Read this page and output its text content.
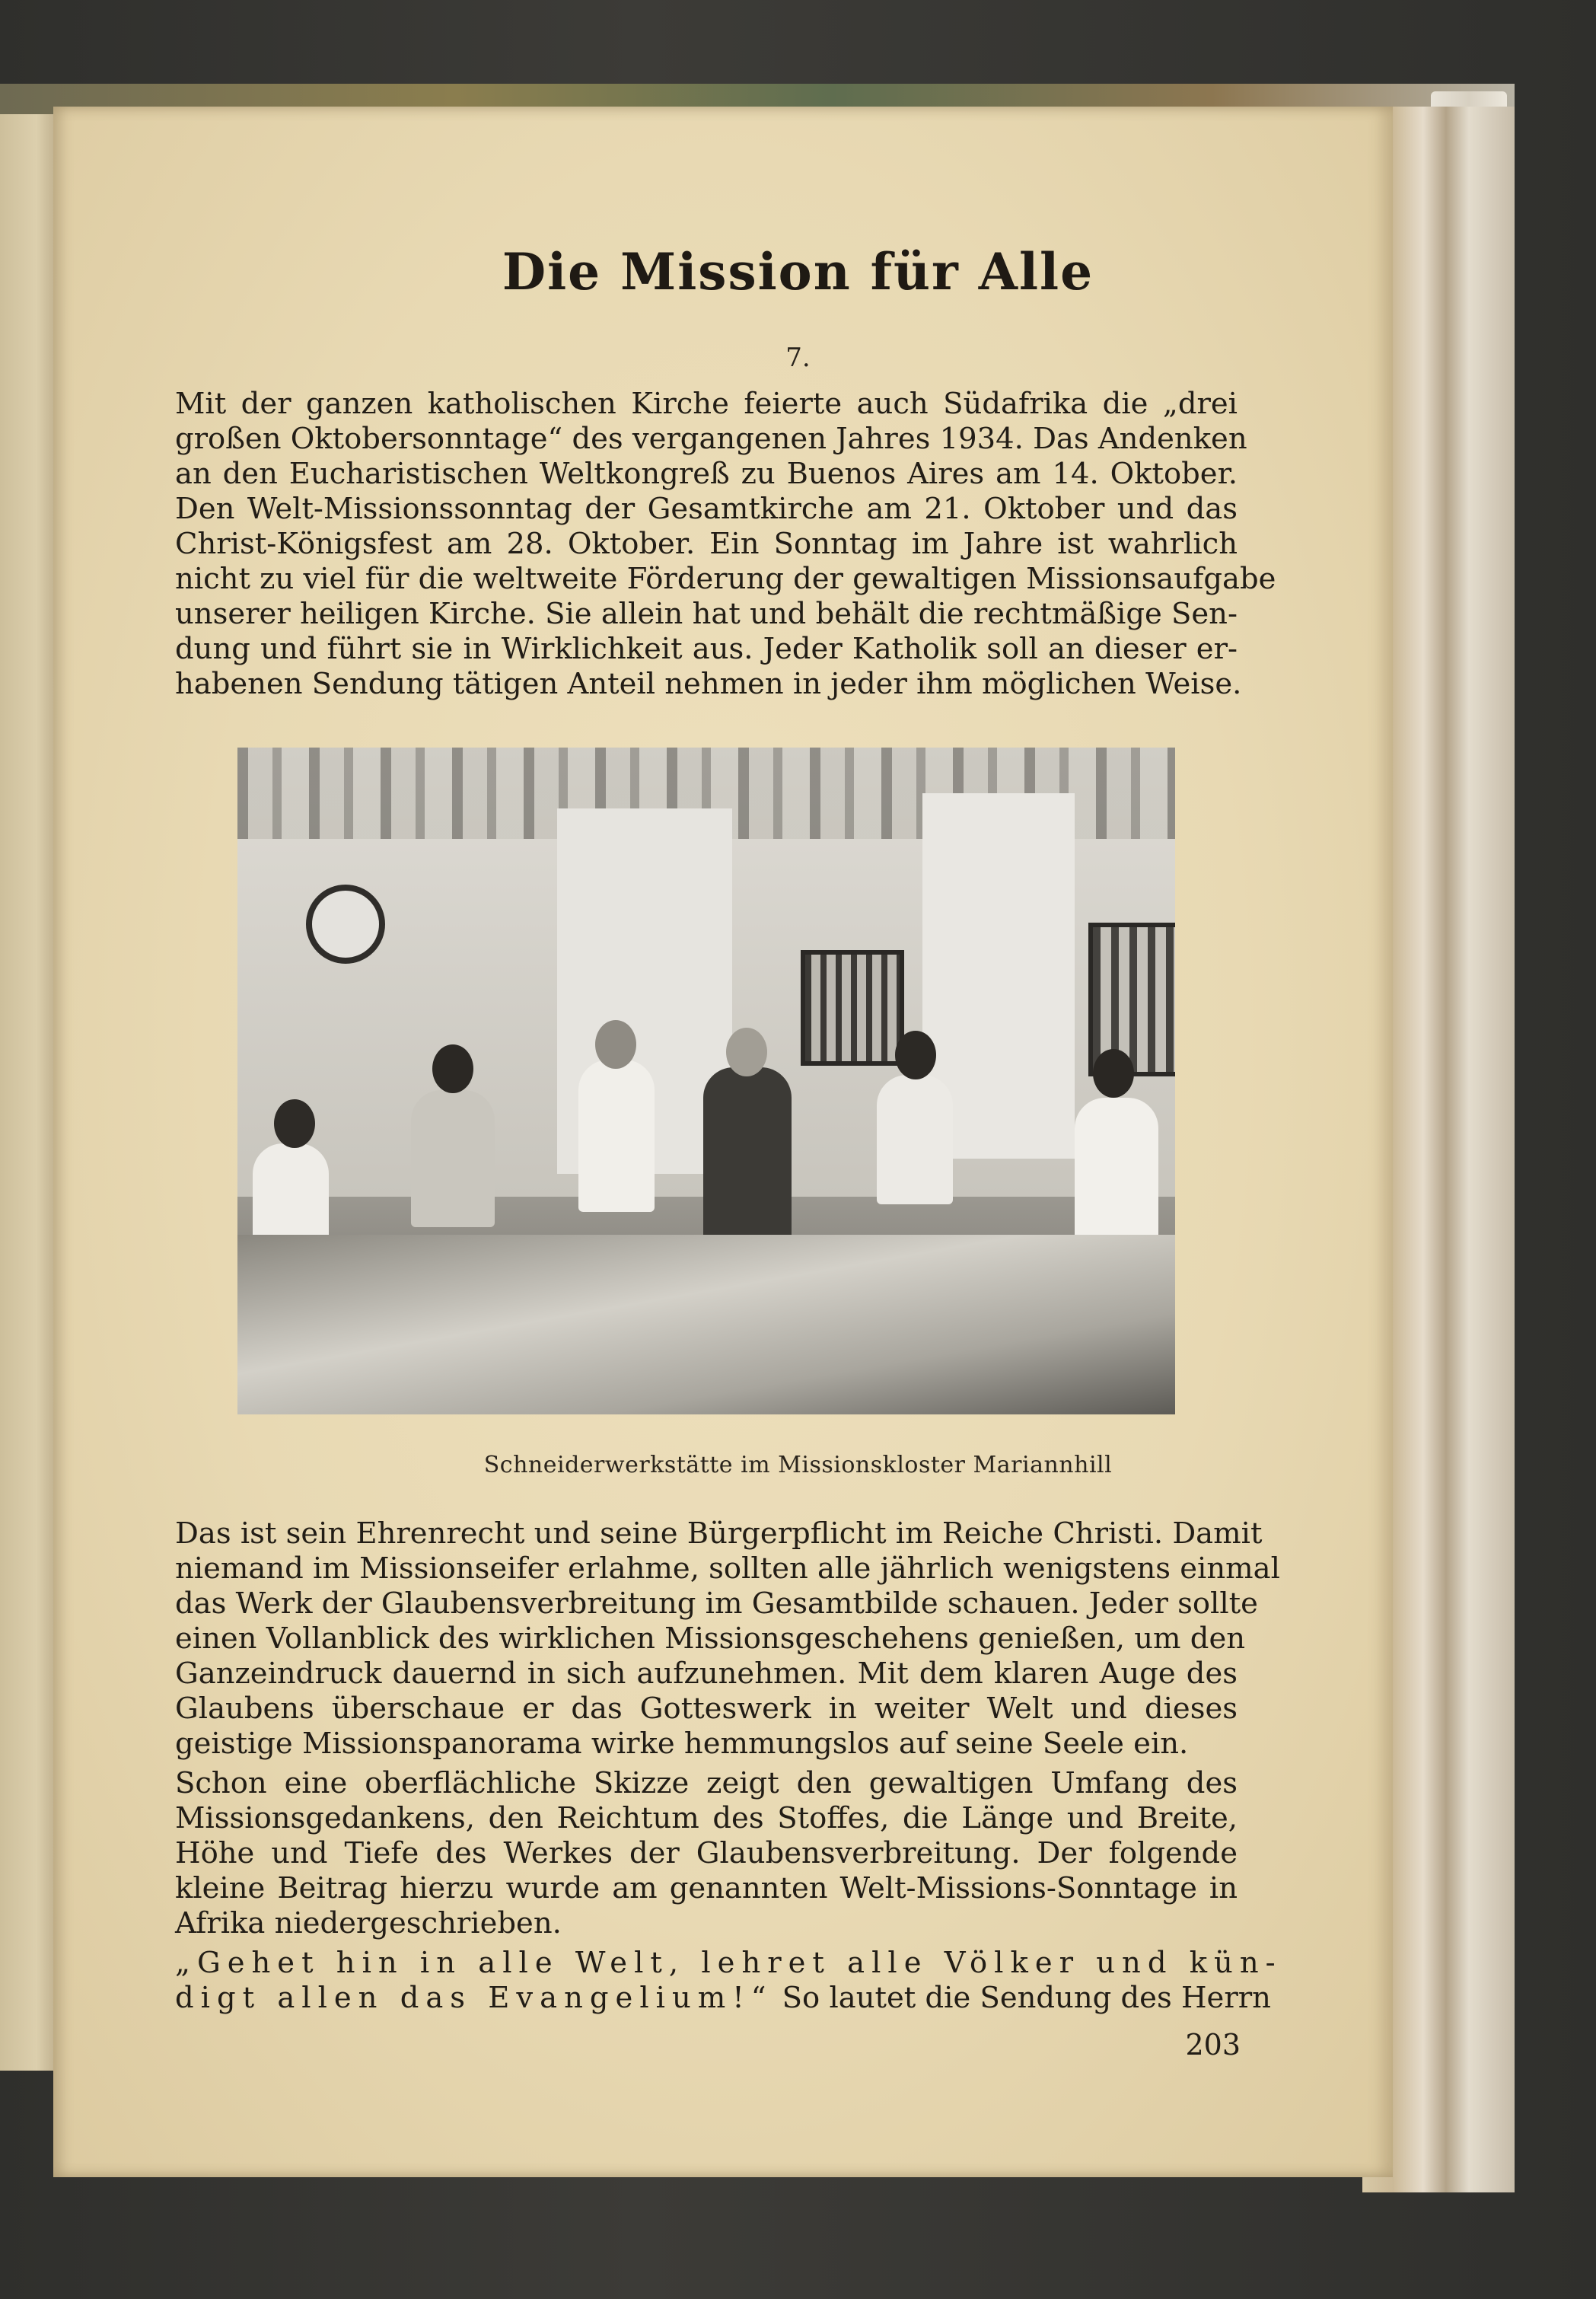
Die Mission für Alle
7.
Mit der ganzen katholischen Kirche feierte auch Südafrika die „drei
großen Oktobersonntage“ des vergangenen Jahres 1934. Das Andenken
an den Eucharistischen Weltkongreß zu Buenos Aires am 14. Oktober.
Den Welt-Missionssonntag der Gesamtkirche am 21. Oktober und das
Christ-Königsfest am 28. Oktober. Ein Sonntag im Jahre ist wahrlich
nicht zu viel für die weltweite Förderung der gewaltigen Missionsaufgabe
unserer heiligen Kirche. Sie allein hat und behält die rechtmäßige Sen-
dung und führt sie in Wirklichkeit aus. Jeder Katholik soll an dieser er-
habenen Sendung tätigen Anteil nehmen in jeder ihm möglichen Weise.
Schneiderwerkstätte im Missionskloster Mariannhill
Das ist sein Ehrenrecht und seine Bürgerpflicht im Reiche Christi. Damit
niemand im Missionseifer erlahme, sollten alle jährlich wenigstens einmal
das Werk der Glaubensverbreitung im Gesamtbilde schauen. Jeder sollte
einen Vollanblick des wirklichen Missionsgeschehens genießen, um den
Ganzeindruck dauernd in sich aufzunehmen. Mit dem klaren Auge des
Glaubens überschaue er das Gotteswerk in weiter Welt und dieses
geistige Missionspanorama wirke hemmungslos auf seine Seele ein.
Schon eine oberflächliche Skizze zeigt den gewaltigen Umfang des
Missionsgedankens, den Reichtum des Stoffes, die Länge und Breite,
Höhe und Tiefe des Werkes der Glaubensverbreitung. Der folgende
kleine Beitrag hierzu wurde am genannten Welt-Missions-Sonntage in
Afrika niedergeschrieben.
„Gehet hin in alle Welt, lehret alle Völker und kün-
digt allen das Evangelium!“ So lautet die Sendung des Herrn
203
